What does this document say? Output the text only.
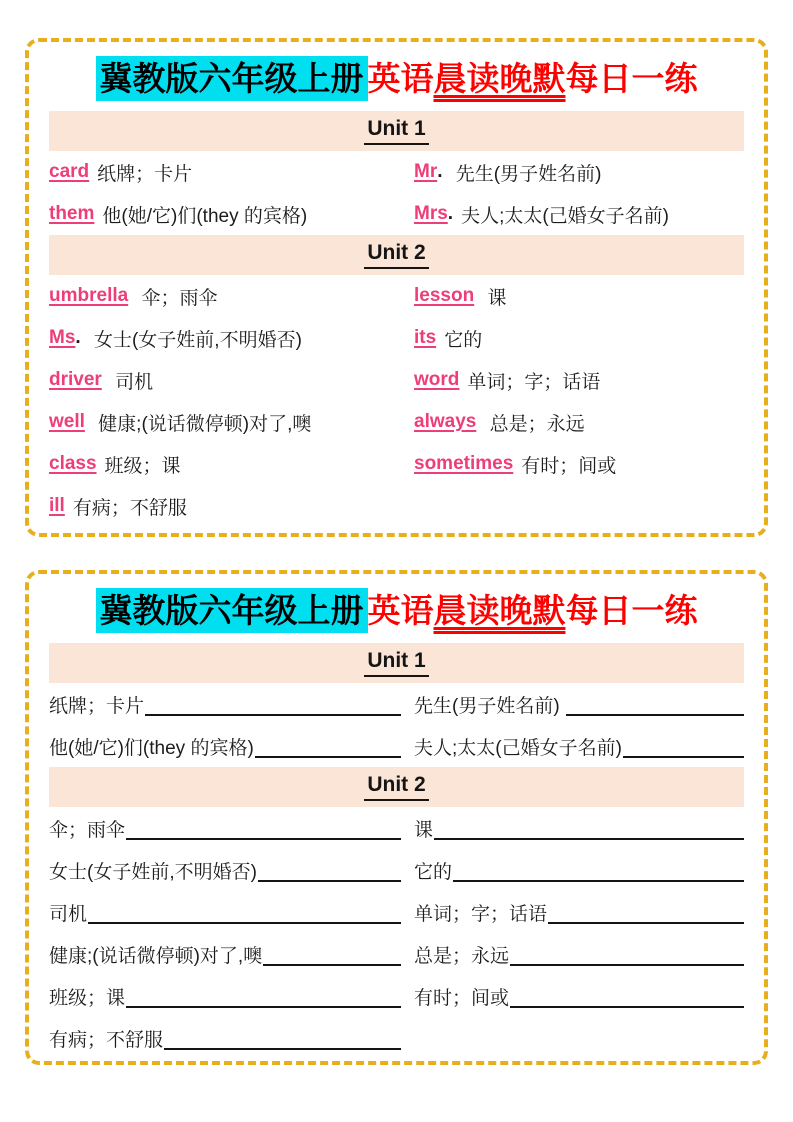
冀教版六年级上册 英语晨读晚默每日一练
Unit 1
card 纸牌；卡片	Mr . 先生(男子姓名前)
them 他(她/它)们(they 的宾格)	Mrs . 夫人;太太(己婚女子名前)
Unit 2
umbrella 伞；雨伞	lesson 课
Ms . 女士(女子姓前,不明婚否)	its 它的
driver 司机	word 单词；字；话语
well 健康;(说话微停顿)对了,噢	always 总是；永远
class 班级；课	sometimes 有时；间或
ill 有病；不舒服
冀教版六年级上册 英语晨读晚默每日一练
Unit 1
纸牌；卡片	先生(男子姓名前)
他(她/它)们(they 的宾格)	夫人;太太(己婚女子名前)
Unit 2
伞；雨伞	课
女士(女子姓前,不明婚否)	它的
司机	单词；字；话语
健康;(说话微停顿)对了,噢	总是；永远
班级；课	有时；间或
有病；不舒服
